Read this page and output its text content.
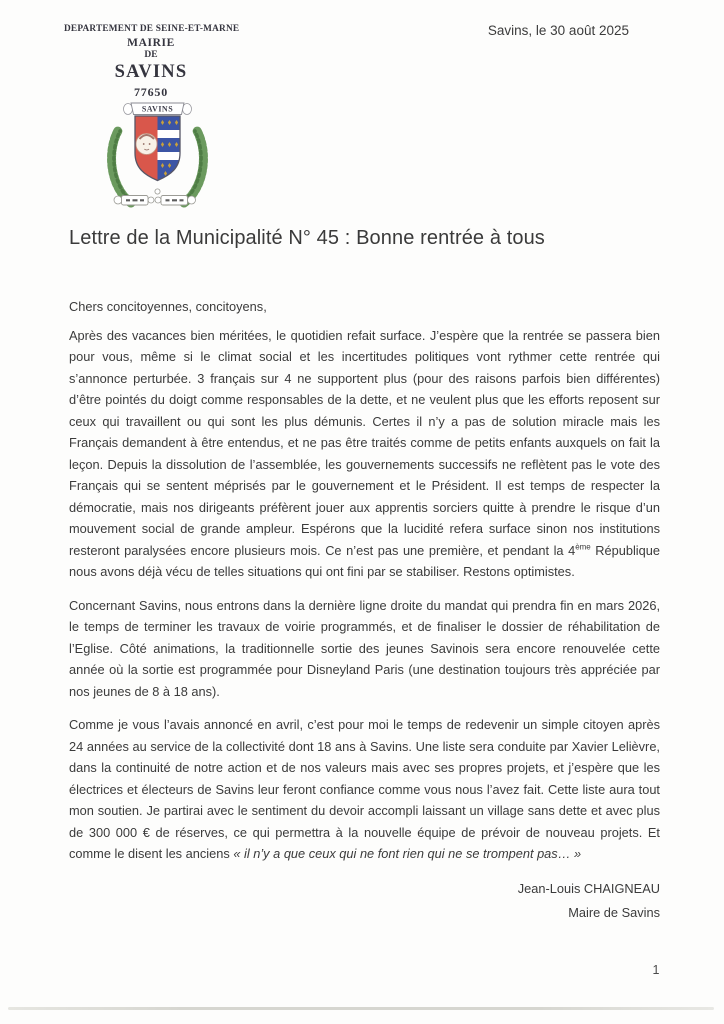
DEPARTEMENT DE SEINE-ET-MARNE
MAIRIE
DE
SAVINS
77650
Savins, le 30 août 2025
SAVINS
Lettre de la Municipalité N° 45 : Bonne rentrée à tous

Chers concitoyennes, concitoyens,

Après des vacances bien méritées, le quotidien refait surface. J’espère que la rentrée se passera bien pour vous, même si le climat social et les incertitudes politiques vont rythmer cette rentrée qui s’annonce perturbée. 3 français sur 4 ne supportent plus (pour des raisons parfois bien différentes) d’être pointés du doigt comme responsables de la dette, et ne veulent plus que les efforts reposent sur ceux qui travaillent ou qui sont les plus démunis. Certes il n’y a pas de solution miracle mais les Français demandent à être entendus, et ne pas être traités comme de petits enfants auxquels on fait la leçon. Depuis la dissolution de l’assemblée, les gouvernements successifs ne reflètent pas le vote des Français qui se sentent méprisés par le gouvernement et le Président. Il est temps de respecter la démocratie, mais nos dirigeants préfèrent jouer aux apprentis sorciers quitte à prendre le risque d’un mouvement social de grande ampleur. Espérons que la lucidité refera surface sinon nos institutions resteront paralysées encore plusieurs mois. Ce n’est pas une première, et pendant la 4ème République nous avons déjà vécu de telles situations qui ont fini par se stabiliser. Restons optimistes.

Concernant Savins, nous entrons dans la dernière ligne droite du mandat qui prendra fin en mars 2026, le temps de terminer les travaux de voirie programmés, et de finaliser le dossier de réhabilitation de l’Eglise. Côté animations, la traditionnelle sortie des jeunes Savinois sera encore renouvelée cette année où la sortie est programmée pour Disneyland Paris (une destination toujours très appréciée par nos jeunes de 8 à 18 ans).

Comme je vous l’avais annoncé en avril, c’est pour moi le temps de redevenir un simple citoyen après 24 années au service de la collectivité dont 18 ans à Savins. Une liste sera conduite par Xavier Lelièvre, dans la continuité de notre action et de nos valeurs mais avec ses propres projets, et j’espère que les électrices et électeurs de Savins leur feront confiance comme vous nous l’avez fait. Cette liste aura tout mon soutien. Je partirai avec le sentiment du devoir accompli laissant un village sans dette et avec plus de 300 000 € de réserves, ce qui permettra à la nouvelle équipe de prévoir de nouveau projets. Et comme le disent les anciens « il n’y a que ceux qui ne font rien qui ne se trompent pas… »

Jean-Louis CHAIGNEAU
Maire de Savins
1
